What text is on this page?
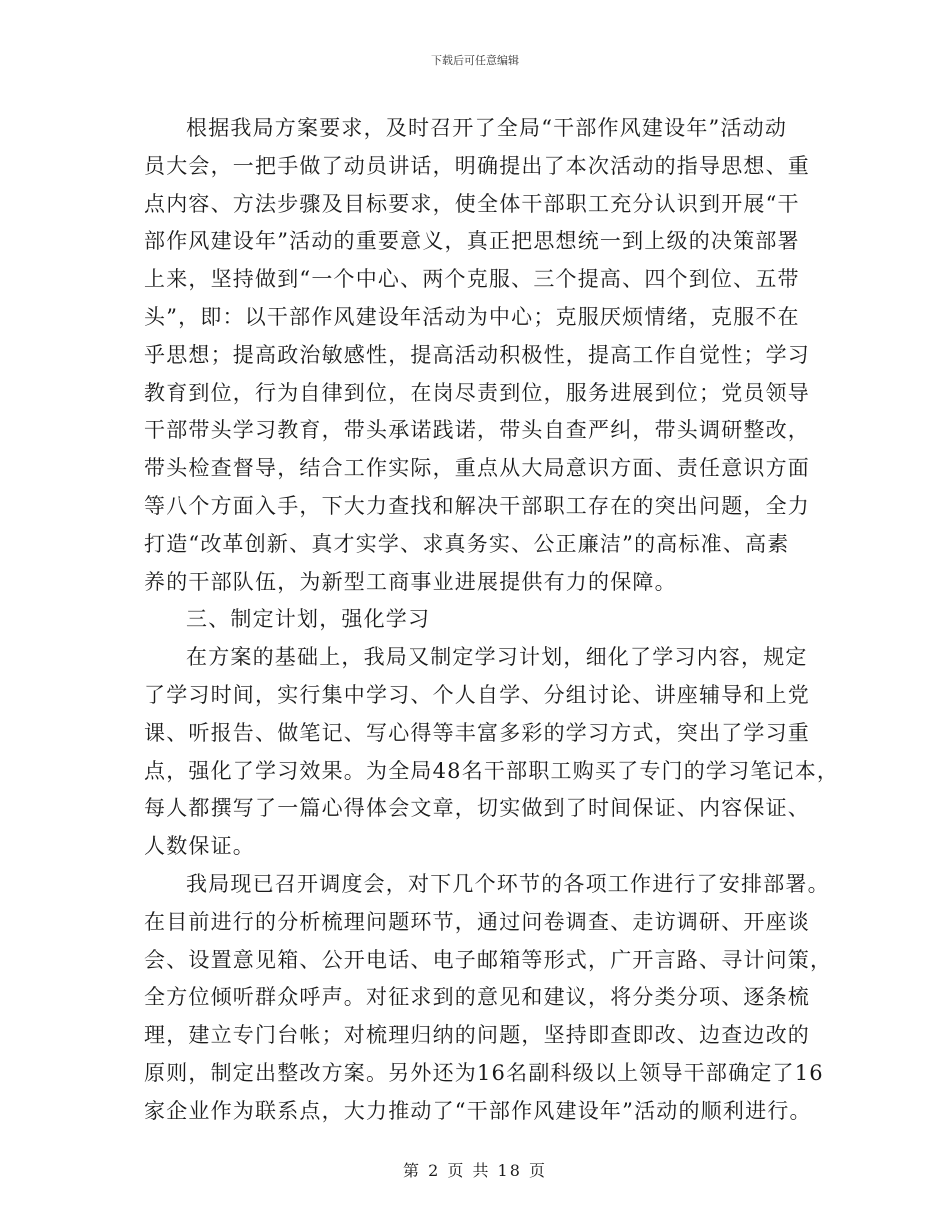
下载后可任意编辑
根据我局方案要求，及时召开了全局“干部作风建设年”活动动
员大会，一把手做了动员讲话，明确提出了本次活动的指导思想、重
点内容、方法步骤及目标要求，使全体干部职工充分认识到开展“干
部作风建设年”活动的重要意义，真正把思想统一到上级的决策部署
上来，坚持做到“一个中心、两个克服、三个提高、四个到位、五带
头”，即：以干部作风建设年活动为中心；克服厌烦情绪，克服不在
乎思想；提高政治敏感性，提高活动积极性，提高工作自觉性；学习
教育到位，行为自律到位，在岗尽责到位，服务进展到位；党员领导
干部带头学习教育，带头承诺践诺，带头自查严纠，带头调研整改，
带头检查督导，结合工作实际，重点从大局意识方面、责任意识方面
等八个方面入手，下大力查找和解决干部职工存在的突出问题，全力
打造“改革创新、真才实学、求真务实、公正廉洁”的高标准、高素
养的干部队伍，为新型工商事业进展提供有力的保障。
三、制定计划，强化学习
在方案的基础上，我局又制定学习计划，细化了学习内容，规定
了学习时间，实行集中学习、个人自学、分组讨论、讲座辅导和上党
课、听报告、做笔记、写心得等丰富多彩的学习方式，突出了学习重
点，强化了学习效果。为全局48名干部职工购买了专门的学习笔记本，
每人都撰写了一篇心得体会文章，切实做到了时间保证、内容保证、
人数保证。
我局现已召开调度会，对下几个环节的各项工作进行了安排部署。
在目前进行的分析梳理问题环节，通过问卷调查、走访调研、开座谈
会、设置意见箱、公开电话、电子邮箱等形式，广开言路、寻计问策，
全方位倾听群众呼声。对征求到的意见和建议，将分类分项、逐条梳
理，建立专门台帐；对梳理归纳的问题，坚持即查即改、边查边改的
原则，制定出整改方案。另外还为16名副科级以上领导干部确定了16
家企业作为联系点，大力推动了“干部作风建设年”活动的顺利进行。
第 2 页 共 18 页
